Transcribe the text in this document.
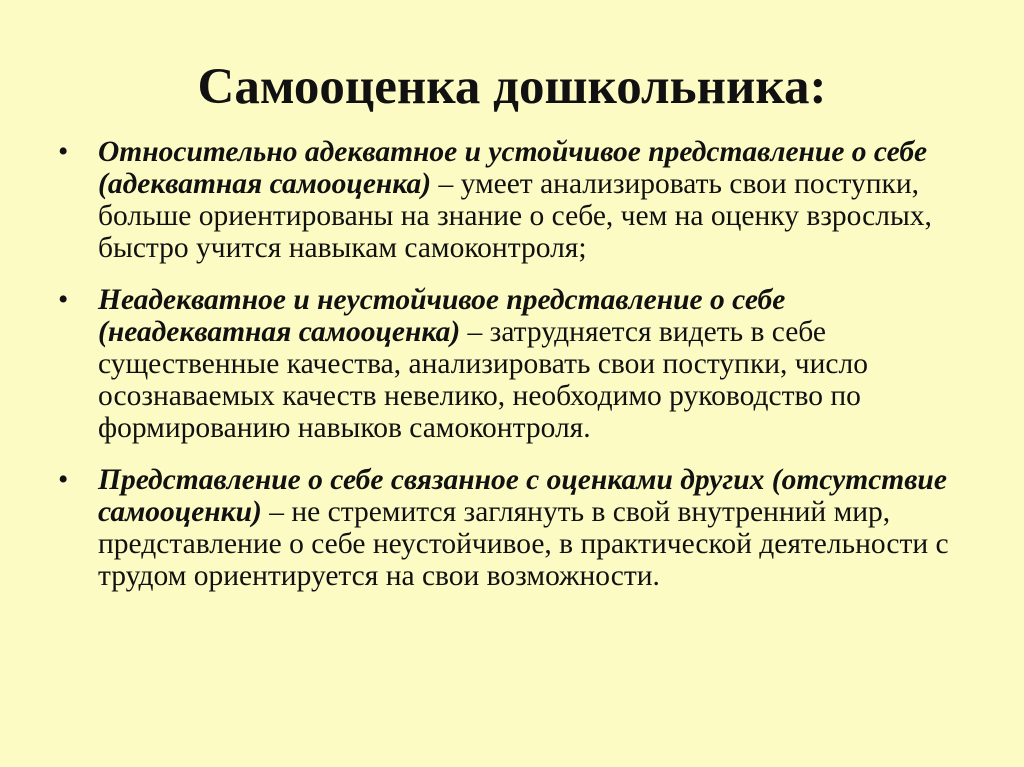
Самооценка дошкольника:
• Относительно адекватное и устойчивое представление о себе (адекватная самооценка) – умеет анализировать свои поступки, больше ориентированы на знание о себе, чем на оценку взрослых, быстро учится навыкам самоконтроля;
• Неадекватное и неустойчивое представление о себе (неадекватная самооценка) – затрудняется видеть в себе существенные качества, анализировать свои поступки, число осознаваемых качеств невелико, необходимо руководство по формированию навыков самоконтроля.
• Представление о себе связанное с оценками других (отсутствие самооценки) – не стремится заглянуть в свой внутренний мир, представление о себе неустойчивое, в практической деятельности с трудом ориентируется на свои возможности.
